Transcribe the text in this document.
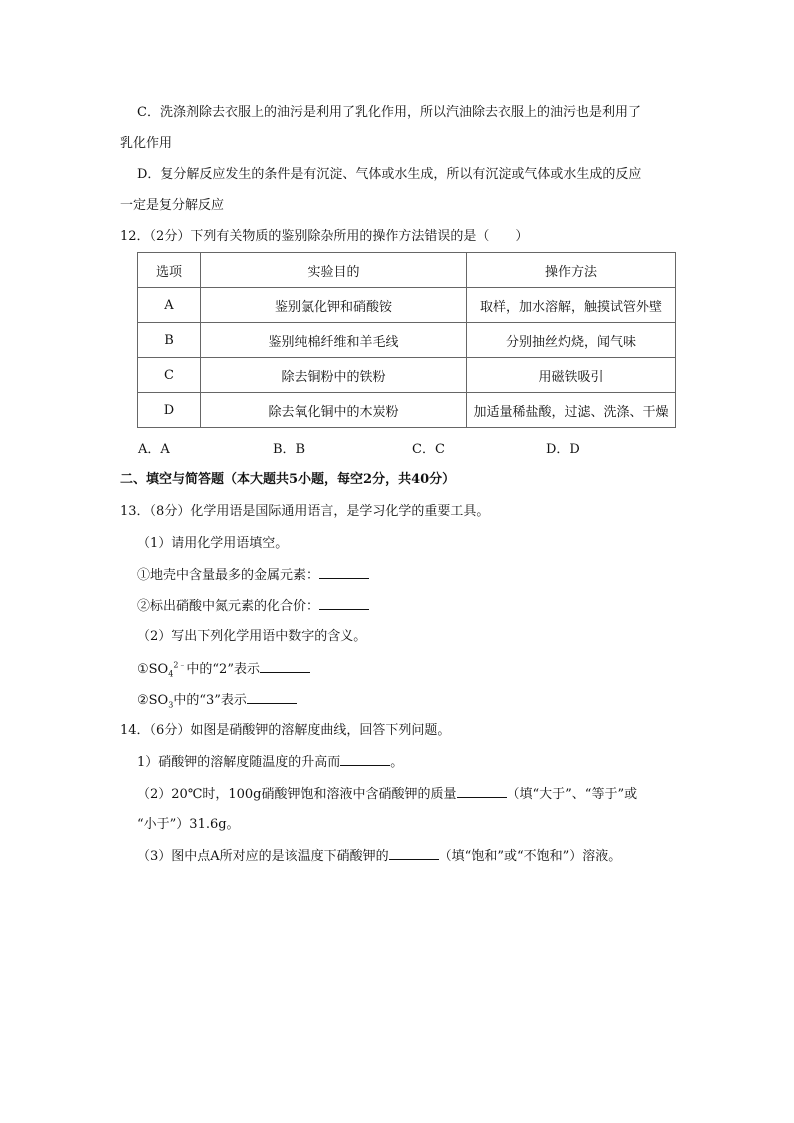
C．洗涤剂除去衣服上的油污是利用了乳化作用，所以汽油除去衣服上的油污也是利用了
乳化作用
D．复分解反应发生的条件是有沉淀、气体或水生成，所以有沉淀或气体或水生成的反应
一定是复分解反应
12．（2分）下列有关物质的鉴别除杂所用的操作方法错误的是（　　）
选项	实验目的	操作方法
A	鉴别氯化钾和硝酸铵	取样，加水溶解，触摸试管外壁
B	鉴别纯棉纤维和羊毛线	分别抽丝灼烧，闻气味
C	除去铜粉中的铁粉	用磁铁吸引
D	除去氧化铜中的木炭粉	加适量稀盐酸，过滤、洗涤、干燥
A．A	B．B	C．C	D．D
二、填空与简答题（本大题共5小题，每空2分，共40分）
13．（8分）化学用语是国际通用语言，是学习化学的重要工具。
（1）请用化学用语填空。
①地壳中含量最多的金属元素：
②标出硝酸中氮元素的化合价：
（2）写出下列化学用语中数字的含义。
$①SO_4^{2﹣}$中的“2”表示
$②SO_3$中的“3”表示
14．（6分）如图是硝酸钾的溶解度曲线，回答下列问题。
1）硝酸钾的溶解度随温度的升高而	。
（2）20℃时，100g硝酸钾饱和溶液中含硝酸钾的质量	（填“大于”、“等于”或
“小于”）31.6g。
（3）图中点A所对应的是该温度下硝酸钾的	（填“饱和”或“不饱和”）溶液。
